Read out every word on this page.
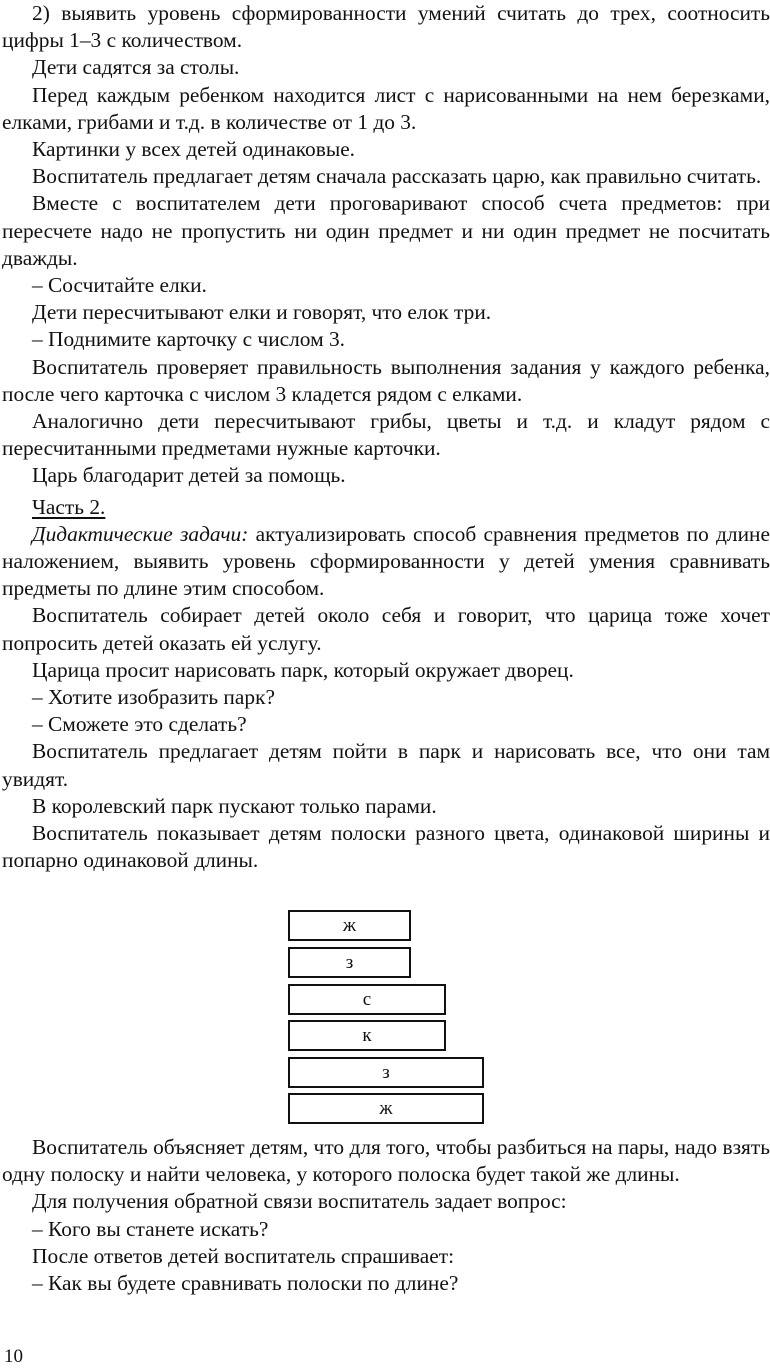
2) выявить уровень сформированности умений считать до трех, соотносить цифры 1–3 с количеством.

Дети садятся за столы.

Перед каждым ребенком находится лист с нарисованными на нем березками, елками, грибами и т.д. в количестве от 1 до 3.

Картинки у всех детей одинаковые.

Воспитатель предлагает детям сначала рассказать царю, как правильно считать.

Вместе с воспитателем дети проговаривают способ счета предметов: при пересчете надо не пропустить ни один предмет и ни один предмет не посчитать дважды.

– Сосчитайте елки.

Дети пересчитывают елки и говорят, что елок три.

– Поднимите карточку с числом 3.

Воспитатель проверяет правильность выполнения задания у каждого ребенка, после чего карточка с числом 3 кладется рядом с елками.

Аналогично дети пересчитывают грибы, цветы и т.д. и кладут рядом с пересчитанными предметами нужные карточки.

Царь благодарит детей за помощь.

Часть 2.

Дидактические задачи: актуализировать способ сравнения предметов по длине наложением, выявить уровень сформированности у детей умения сравнивать предметы по длине этим способом.

Воспитатель собирает детей около себя и говорит, что царица тоже хочет попросить детей оказать ей услугу.

Царица просит нарисовать парк, который окружает дворец.

– Хотите изобразить парк?

– Сможете это сделать?

Воспитатель предлагает детям пойти в парк и нарисовать все, что они там увидят.

В королевский парк пускают только парами.

Воспитатель показывает детям полоски разного цвета, одинаковой ширины и попарно одинаковой длины.

ж
з
с
к
з
ж

Воспитатель объясняет детям, что для того, чтобы разбиться на пары, надо взять одну полоску и найти человека, у которого полоска будет такой же длины.

Для получения обратной связи воспитатель задает вопрос:

– Кого вы станете искать?

После ответов детей воспитатель спрашивает:

– Как вы будете сравнивать полоски по длине?

10
